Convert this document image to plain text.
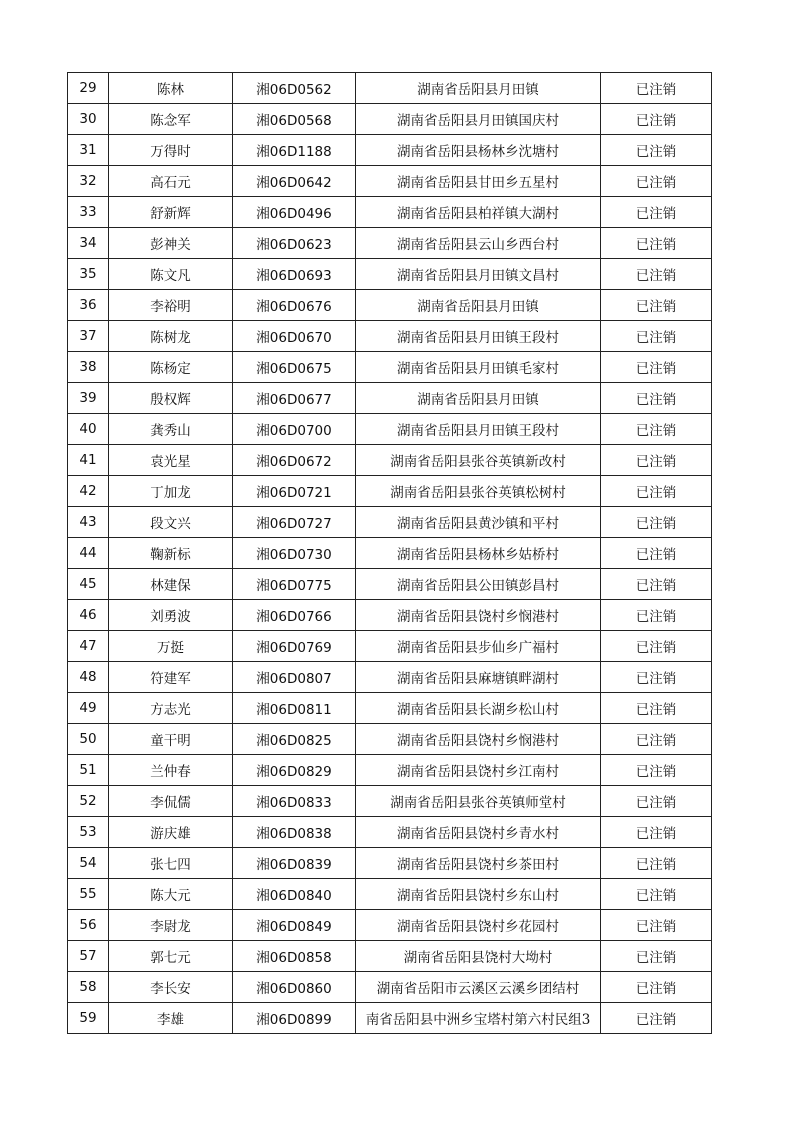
29	陈林	湘06D0562	湖南省岳阳县月田镇	已注销
30	陈念军	湘06D0568	湖南省岳阳县月田镇国庆村	已注销
31	万得时	湘06D1188	湖南省岳阳县杨林乡沈塘村	已注销
32	高石元	湘06D0642	湖南省岳阳县甘田乡五星村	已注销
33	舒新辉	湘06D0496	湖南省岳阳县柏祥镇大湖村	已注销
34	彭神关	湘06D0623	湖南省岳阳县云山乡西台村	已注销
35	陈文凡	湘06D0693	湖南省岳阳县月田镇文昌村	已注销
36	李裕明	湘06D0676	湖南省岳阳县月田镇	已注销
37	陈树龙	湘06D0670	湖南省岳阳县月田镇王段村	已注销
38	陈杨定	湘06D0675	湖南省岳阳县月田镇毛家村	已注销
39	殷权辉	湘06D0677	湖南省岳阳县月田镇	已注销
40	龚秀山	湘06D0700	湖南省岳阳县月田镇王段村	已注销
41	袁光星	湘06D0672	湖南省岳阳县张谷英镇新改村	已注销
42	丁加龙	湘06D0721	湖南省岳阳县张谷英镇松树村	已注销
43	段文兴	湘06D0727	湖南省岳阳县黄沙镇和平村	已注销
44	鞠新标	湘06D0730	湖南省岳阳县杨林乡姑桥村	已注销
45	林建保	湘06D0775	湖南省岳阳县公田镇彭昌村	已注销
46	刘勇波	湘06D0766	湖南省岳阳县饶村乡悯港村	已注销
47	万挺	湘06D0769	湖南省岳阳县步仙乡广福村	已注销
48	符建军	湘06D0807	湖南省岳阳县麻塘镇畔湖村	已注销
49	方志光	湘06D0811	湖南省岳阳县长湖乡松山村	已注销
50	童干明	湘06D0825	湖南省岳阳县饶村乡悯港村	已注销
51	兰仲春	湘06D0829	湖南省岳阳县饶村乡江南村	已注销
52	李侃儒	湘06D0833	湖南省岳阳县张谷英镇师堂村	已注销
53	游庆雄	湘06D0838	湖南省岳阳县饶村乡青水村	已注销
54	张七四	湘06D0839	湖南省岳阳县饶村乡茶田村	已注销
55	陈大元	湘06D0840	湖南省岳阳县饶村乡东山村	已注销
56	李尉龙	湘06D0849	湖南省岳阳县饶村乡花园村	已注销
57	郭七元	湘06D0858	湖南省岳阳县饶村大坳村	已注销
58	李长安	湘06D0860	湖南省岳阳市云溪区云溪乡团结村	已注销
59	李雄	湘06D0899	南省岳阳县中洲乡宝塔村第六村民组3	已注销
